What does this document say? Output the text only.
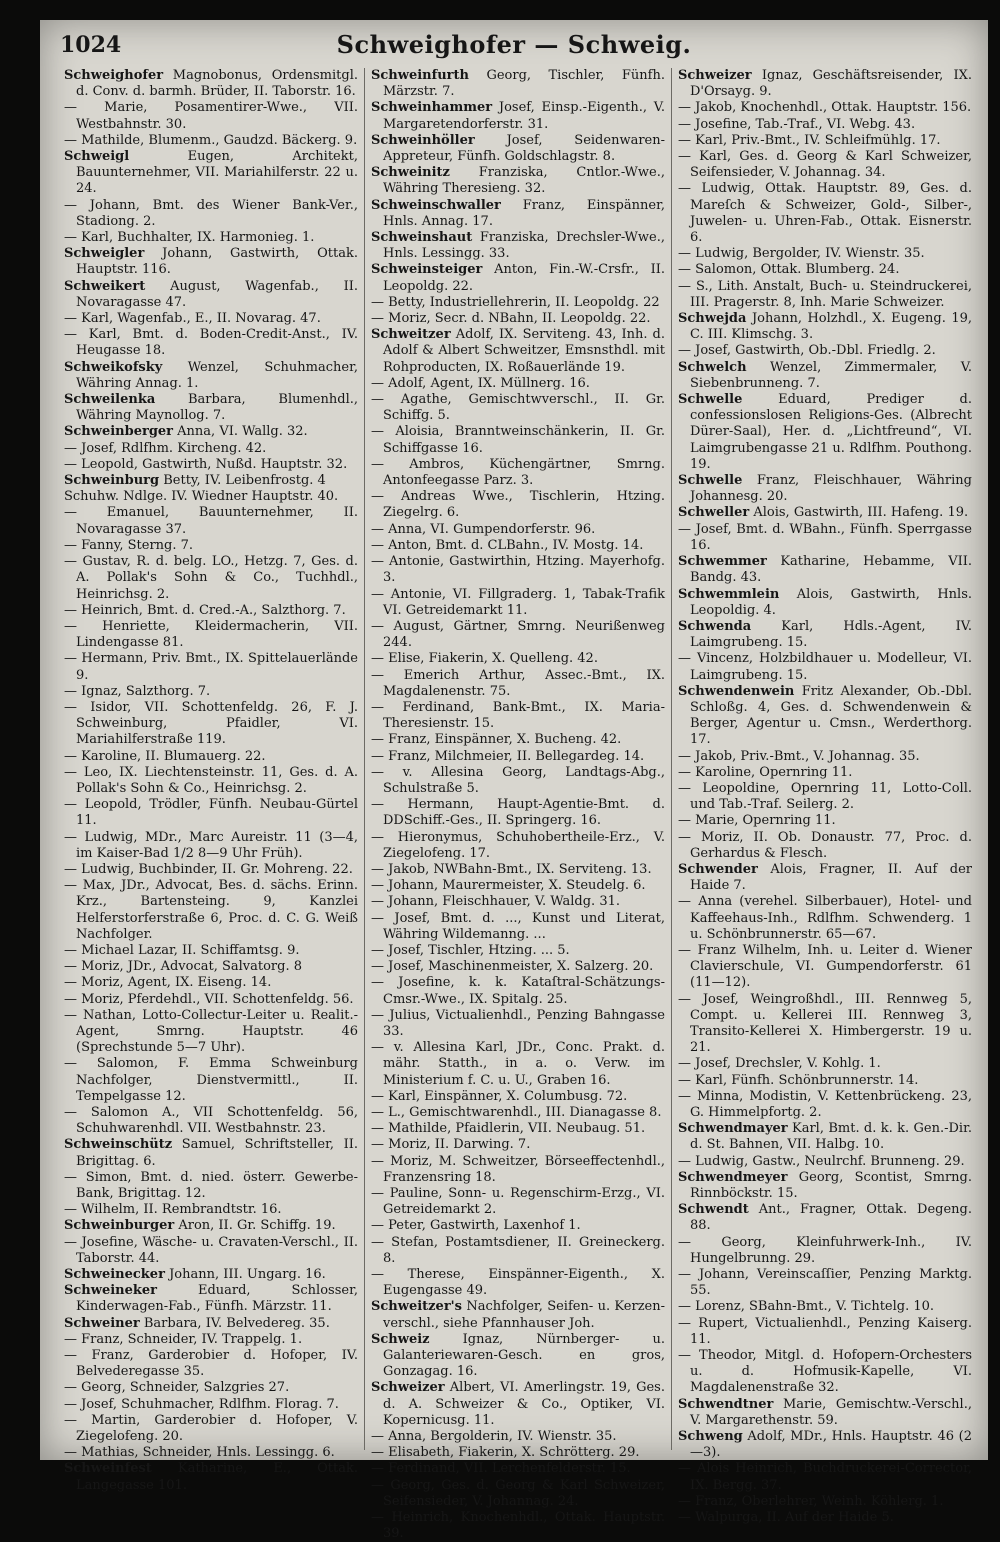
1024	Schweighofer — Schweig.

Schweighofer Magnobonus, Ordensmitgl. d. Conv. d. barmh. Brüder, II. Taborstr. 16.

— Marie, Posamentirer-Wwe., VII. Westbahnstr. 30.

— Mathilde, Blumenm., Gaudzd. Bäckerg. 9.

Schweigl	Eugen, Architekt, Bauunternehmer, VII. Mariahilferstr. 22 u. 24.

— Johann, Bmt. des Wiener Bank-Ver., Stadiong. 2.

— Karl, Buchhalter, IX. Harmonieg. 1.

Schweigler Johann, Gastwirth, Ottak. Hauptstr. 116.

Schweikert August, Wagenfab., II. Novaragasse 47.

— Karl, Wagenfab., E., II. Novarag. 47.

— Karl, Bmt. d. Boden-Credit-Anst., IV. Heugasse 18.

Schweikofsky Wenzel, Schuhmacher, Währing Annag. 1.

Schweilenka	Barbara, Blumenhdl., Währing Maynollog. 7.

Schweinberger Anna, VI. Wallg. 32.

— Josef, Rdlfhm. Kircheng. 42.

— Leopold, Gastwirth, Nußd. Hauptstr. 32.

Schweinburg Betty, IV. Leibenfrostg. 4

Schuhw. Ndlge. IV. Wiedner Hauptstr. 40.

— Emanuel, Bauunternehmer, II. Novaragasse 37.

— Fanny, Sterng. 7.

— Gustav, R. d. belg. LO., Hetzg. 7, Ges. d. A. Pollak's Sohn & Co., Tuchhdl., Heinrichsg. 2.

— Heinrich, Bmt. d. Cred.-A., Salzthorg. 7.

— Henriette, Kleidermacherin, VII. Lindengasse 81.

— Hermann, Priv. Bmt., IX. Spittelauerlände 9.

— Ignaz, Salzthorg. 7.

— Isidor, VII. Schottenfeldg. 26, F. J. Schweinburg, Pfaidler, VI. Mariahilferstraße 119.

— Karoline, II. Blumauerg. 22.

— Leo, IX. Liechtensteinstr. 11, Ges. d. A. Pollak's Sohn & Co., Heinrichsg. 2.

— Leopold, Trödler, Fünfh. Neubau-Gürtel 11.

— Ludwig, MDr., Marc Aureistr. 11 (3—4, im Kaiser-Bad 1/2 8—9 Uhr Früh).

— Ludwig, Buchbinder, II. Gr. Mohreng. 22.

— Max, JDr., Advocat, Bes. d. sächs. Erinn. Krz., Bartensteing. 9, Kanzlei Helferstorferstraße 6, Proc. d. C. G. Weiß Nachfolger.

— Michael Lazar, II. Schiffamtsg. 9.

— Moriz, JDr., Advocat, Salvatorg. 8

— Moriz, Agent, IX. Eiseng. 14.

— Moriz, Pferdehdl., VII. Schottenfeldg. 56.

— Nathan, Lotto-Collectur-Leiter u. Realit.-Agent, Smrng. Hauptstr. 46 (Sprechstunde 5—7 Uhr).

— Salomon, F. Emma Schweinburg Nachfolger, Dienstvermittl., II. Tempelgasse 12.

— Salomon A., VII Schottenfeldg. 56, Schuhwarenhdl. VII. Westbahnstr. 23.

Schweinschütz Samuel, Schriftsteller, II. Brigittag. 6.

— Simon, Bmt. d. nied. österr. Gewerbe-Bank, Brigittag. 12.

— Wilhelm, II. Rembrandtstr. 16.

Schweinburger Aron, II. Gr. Schiffg. 19.

— Josefine, Wäsche- u. Cravaten-Verschl., II. Taborstr. 44.

Schweinecker Johann, III. Ungarg. 16.

Schweineker	Eduard, Schlosser, Kinderwagen-Fab., Fünfh. Märzstr. 11.

Schweiner Barbara, IV. Belvedereg. 35.

— Franz, Schneider, IV. Trappelg. 1.

— Franz, Garderobier d. Hofoper, IV. Belvederegasse 35.

— Georg, Schneider, Salzgries 27.

— Josef, Schuhmacher, Rdlfhm. Florag. 7.

— Martin, Garderobier d. Hofoper, V. Ziegelofeng. 20.

— Mathias, Schneider, Hnls. Lessingg. 6.

Schweinfest Katharine, E., Ottak. Langegasse 101.

Schweinfurth Georg, Tischler, Fünfh. Märzstr. 7.

Schweinhammer Josef, Einsp.-Eigenth., V. Margaretendorferstr. 31.

Schweinhöller Josef, Seidenwaren-Appreteur, Fünfh. Goldschlagstr. 8.

Schweinitz Franziska, Cntlor.-Wwe., Währing Theresieng. 32.

Schweinschwaller Franz, Einspänner, Hnls. Annag. 17.

Schweinshaut Franziska, Drechsler-Wwe., Hnls. Lessingg. 33.

Schweinsteiger Anton, Fin.-W.-Crsfr., II. Leopoldg. 22.

— Betty, Industriellehrerin, II. Leopoldg. 22

— Moriz, Secr. d. NBahn, II. Leopoldg. 22.

Schweitzer Adolf, IX. Serviteng. 43, Inh. d. Adolf & Albert Schweitzer, Emsnsthdl. mit Rohproducten, IX. Roßauerlände 19.

— Adolf, Agent, IX. Müllnerg. 16.

— Agathe, Gemischtwverschl., II. Gr. Schiffg. 5.

— Aloisia, Branntweinschänkerin, II. Gr. Schiffgasse 16.

— Ambros, Küchengärtner, Smrng. Antonfeegasse Parz. 3.

— Andreas Wwe., Tischlerin, Htzing. Ziegelrg. 6.

— Anna, VI. Gumpendorferstr. 96.

— Anton, Bmt. d. CLBahn., IV. Mostg. 14.

— Antonie, Gastwirthin, Htzing. Mayerhofg. 3.

— Antonie, VI. Fillgraderg. 1, Tabak-Trafik VI. Getreidemarkt 11.

— August, Gärtner, Smrng. Neurißenweg 244.

— Elise, Fiakerin, X. Quelleng. 42.

— Emerich Arthur, Assec.-Bmt., IX. Magdalenenstr. 75.

— Ferdinand, Bank-Bmt., IX. Maria-Theresienstr. 15.

— Franz, Einspänner, X. Bucheng. 42.

— Franz, Milchmeier, II. Bellegardeg. 14.

— v. Allesina Georg, Landtags-Abg., Schulstraße 5.

— Hermann, Haupt-Agentie-Bmt. d. DDSchiff.-Ges., II. Springerg. 16.

— Hieronymus, Schuhobertheile-Erz., V. Ziegelofeng. 17.

— Jakob, NWBahn-Bmt., IX. Serviteng. 13.

— Johann, Maurermeister, X. Steudelg. 6.

— Johann, Fleischhauer, V. Waldg. 31.

— Josef, Bmt. d. ..., Kunst und Literat, Währing Wildemanng. ...

— Josef, Tischler, Htzing. ... 5.

— Josef, Maschinenmeister, X. Salzerg. 20.

— Josefine, k. k. Kataſtral-Schätzungs-Cmsr.-Wwe., IX. Spitalg. 25.

— Julius, Victualienhdl., Penzing Bahngasse 33.

— v. Allesina Karl, JDr., Conc. Prakt. d. mähr. Statth., in a. o. Verw. im Ministerium f. C. u. U., Graben 16.

— Karl, Einspänner, X. Columbusg. 72.

— L., Gemischtwarenhdl., III. Dianagasse 8.

— Mathilde, Pfaidlerin, VII. Neubaug. 51.

— Moriz, II. Darwing. 7.

— Moriz, M. Schweitzer, Börseeffectenhdl., Franzensring 18.

— Pauline, Sonn- u. Regenschirm-Erzg., VI. Getreidemarkt 2.

— Peter, Gastwirth, Laxenhof 1.

— Stefan, Postamtsdiener, II. Greineckerg. 8.

— Therese, Einspänner-Eigenth., X. Eugengasse 49.

Schweitzer's Nachfolger, Seifen- u. Kerzen-verschl., siehe Pfannhauser Joh.

Schweiz	Ignaz, Nürnberger- u. Galanteriewaren-Gesch. en gros, Gonzagag. 16.

Schweizer Albert, VI. Amerlingstr. 19, Ges. d. A. Schweizer & Co., Optiker, VI. Kopernicusg. 11.

— Anna, Bergolderin, IV. Wienstr. 35.

— Elisabeth, Fiakerin, X. Schrötterg. 29.

— Ferdinand, VII. Lerchenfelderstr. 15.

— Georg, Ges. d. Georg & Karl Schweizer, Seifensieder, V. Johannag. 24.

— Heinrich, Knochenhdl., Ottak. Hauptstr. 39.

Schweizer Ignaz, Geschäftsreisender, IX. D'Orsayg. 9.

— Jakob, Knochenhdl., Ottak. Hauptstr. 156.

— Josefine, Tab.-Traf., VI. Webg. 43.

— Karl, Priv.-Bmt., IV. Schleifmühlg. 17.

— Karl, Ges. d. Georg & Karl Schweizer, Seifensieder, V. Johannag. 34.

— Ludwig, Ottak. Hauptstr. 89, Ges. d. Mareſch & Schweizer, Gold-, Silber-, Juwelen- u. Uhren-Fab., Ottak. Eisnerstr. 6.

— Ludwig, Bergolder, IV. Wienstr. 35.

— Salomon, Ottak. Blumberg. 24.

— S., Lith. Anstalt, Buch- u. Steindruckerei, III. Pragerstr. 8, Inh. Marie Schweizer.

Schwejda Johann, Holzhdl., X. Eugeng. 19, C. III. Klimschg. 3.

— Josef, Gastwirth, Ob.-Dbl. Friedlg. 2.

Schwelch Wenzel, Zimmermaler, V. Siebenbrunneng. 7.

Schwelle	Eduard, Prediger d. confessionslosen Religions-Ges. (Albrecht Dürer-Saal), Her. d. „Lichtfreund“, VI. Laimgrubengasse 21 u. Rdlfhm. Pouthong. 19.

Schwelle Franz, Fleischhauer, Währing Johannesg. 20.

Schweller Alois, Gastwirth, III. Hafeng. 19.

— Josef, Bmt. d. WBahn., Fünfh. Sperrgasse 16.

Schwemmer Katharine, Hebamme, VII. Bandg. 43.

Schwemmlein Alois, Gastwirth, Hnls. Leopoldig. 4.

Schwenda Karl, Hdls.-Agent, IV. Laimgrubeng. 15.

— Vincenz, Holzbildhauer u. Modelleur, VI. Laimgrubeng. 15.

Schwendenwein Fritz Alexander, Ob.-Dbl. Schloßg. 4, Ges. d. Schwendenwein & Berger, Agentur u. Cmsn., Werderthorg. 17.

— Jakob, Priv.-Bmt., V. Johannag. 35.

— Karoline, Opernring 11.

— Leopoldine, Opernring 11, Lotto-Coll. und Tab.-Traf. Seilerg. 2.

— Marie, Opernring 11.

— Moriz, II. Ob. Donaustr. 77, Proc. d. Gerhardus & Flesch.

Schwender Alois, Fragner, II. Auf der Haide 7.

— Anna (verehel. Silberbauer), Hotel- und Kaffeehaus-Inh., Rdlfhm. Schwenderg. 1 u. Schönbrunnerstr. 65—67.

— Franz Wilhelm, Inh. u. Leiter d. Wiener Clavierschule, VI. Gumpendorferstr. 61 (11—12).

— Josef, Weingroßhdl., III. Rennweg 5, Compt. u. Kellerei III. Rennweg 3, Transito-Kellerei X. Himbergerstr. 19 u. 21.

— Josef, Drechsler, V. Kohlg. 1.

— Karl, Fünfh. Schönbrunnerstr. 14.

— Minna, Modistin, V. Kettenbrückeng. 23, G. Himmelpfortg. 2.

Schwendmayer Karl, Bmt. d. k. k. Gen.-Dir. d. St. Bahnen, VII. Halbg. 10.

— Ludwig, Gastw., Neulrchf. Brunneng. 29.

Schwendmeyer Georg, Scontist, Smrng. Rinnböckstr. 15.

Schwendt Ant., Fragner, Ottak. Degeng. 88.

— Georg, Kleinfuhrwerk-Inh., IV. Hungelbrunng. 29.

— Johann, Vereinscaſſier, Penzing Marktg. 55.

— Lorenz, SBahn-Bmt., V. Tichtelg. 10.

— Rupert, Victualienhdl., Penzing Kaiserg. 11.

— Theodor, Mitgl. d. Hofopern-Orchesters u. d. Hofmusik-Kapelle, VI. Magdalenenstraße 32.

Schwendtner Marie, Gemischtw.-Verschl., V. Margarethenstr. 59.

Schweng Adolf, MDr., Hnls. Hauptstr. 46 (2—3).

— Alois Heinrich, Buchdruckerei-Corrector, IX. Bergg. 37.

— Franz, Oberlehrer, Weinh. Köhlerg. 1.

— Walpurga, II. Auf der Haide 5.
